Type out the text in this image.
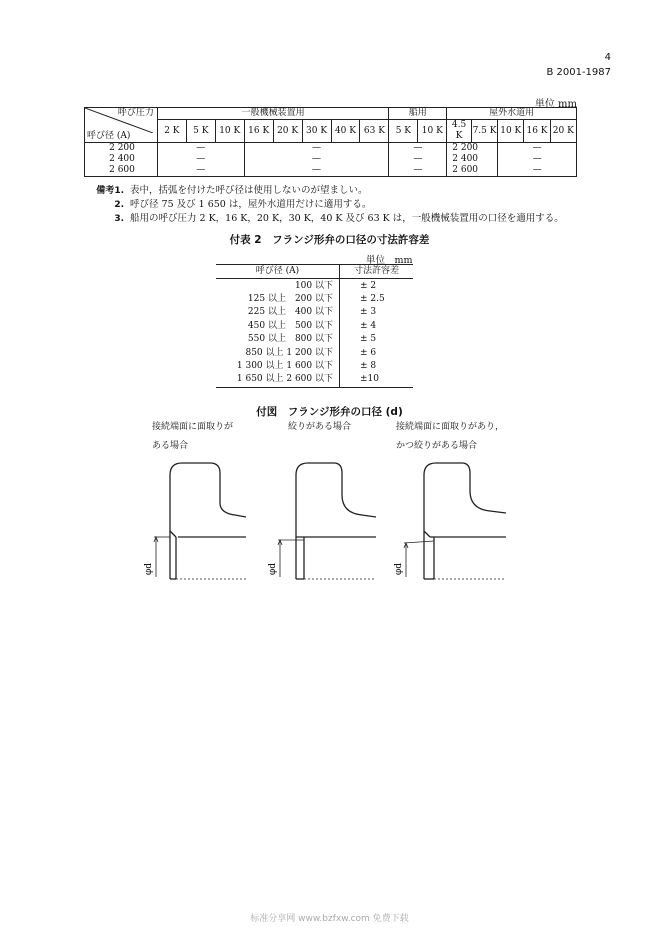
4
B 2001-1987
単位 mm
呼び圧力
呼び径 (A)	一般機械装置用								船用		屋外水道用				
	2 K	5 K	10 K	16 K	20 K	30 K	40 K	63 K	5 K	10 K	4.5 K	7.5 K	10 K	16 K	20 K
2 200	—			—					—		2 200		—		
2 400	—			—					—		2 400		—		
2 600	—			—					—		2 600		—		
備考1. 表中，括弧を付けた呼び径は使用しないのが望ましい。
2. 呼び径 75 及び 1 650 は，屋外水道用だけに適用する。
3. 船用の呼び圧力 2 K，16 K，20 K，30 K，40 K 及び 63 K は，一般機械装置用の口径を適用する。
付表 2　フランジ形弁の口径の寸法許容差
単位　mm
呼び径 (A)	寸法許容差
100 以下	± 2
125 以上　200 以下	± 2.5
225 以上　400 以下	± 3
450 以上　500 以下	± 4
550 以上　800 以下	± 5
850 以上 1 200 以下	± 6
1 300 以上 1 600 以下	± 8
1 650 以上 2 600 以下	±10
付図　フランジ形弁の口径 (d)
接続端面に面取りが
ある場合
絞りがある場合	接続端面に面取りがあり，
かつ絞りがある場合
φd	φd	φd
标准分享网 www.bzfxw.com 免费下载
